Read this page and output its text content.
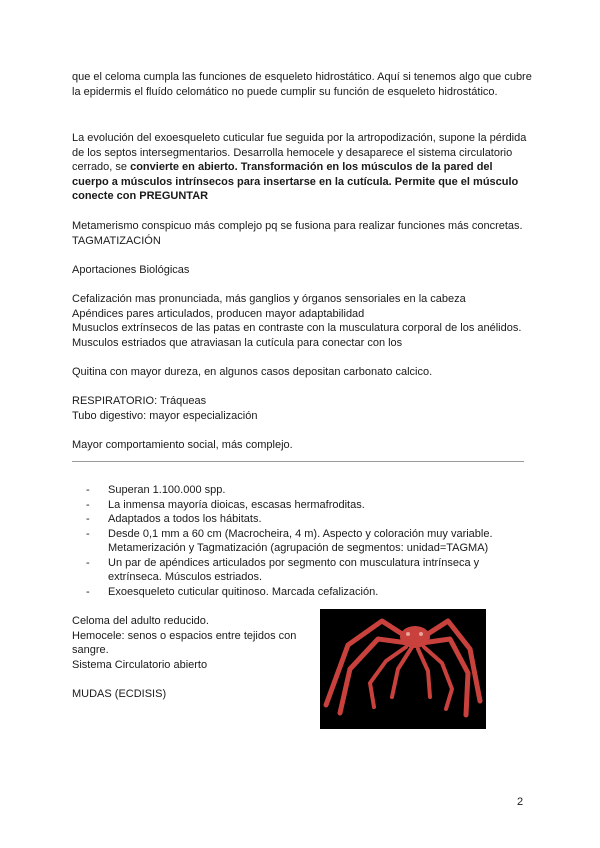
que el celoma cumpla las funciones de esqueleto hidrostático. Aquí si tenemos algo que cubre la epidermis el fluído celomático no puede cumplir su función de esqueleto hidrostático.

La evolución del exoesqueleto cuticular fue seguida por la artropodización, supone la pérdida de los septos intersegmentarios. Desarrolla hemocele y desaparece el sistema circulatorio cerrado, se convierte en abierto. Transformación en los músculos de la pared del cuerpo a músculos intrínsecos para insertarse en la cutícula. Permite que el músculo conecte con PREGUNTAR

Metamerismo conspicuo más complejo pq se fusiona para realizar funciones más concretas.

TAGMATIZACIÓN

Aportaciones Biológicas

Cefalización mas pronunciada, más ganglios y órganos sensoriales en la cabeza

Apéndices pares articulados, producen mayor adaptabilidad

Musuclos extrínsecos de las patas en contraste con la musculatura corporal de los anélidos.

Musculos estriados que atraviasan la cutícula para conectar con los

Quitina con mayor dureza, en algunos casos depositan carbonato calcico.

RESPIRATORIO: Tráqueas

Tubo digestivo: mayor especialización

Mayor comportamiento social, más complejo.

- Superan 1.100.000 spp.
- La inmensa mayoría dioicas, escasas hermafroditas.
- Adaptados a todos los hábitats.
- Desde 0,1 mm a 60 cm (Macrocheira, 4 m). Aspecto y coloración muy variable. Metamerización y Tagmatización (agrupación de segmentos: unidad=TAGMA)
- Un par de apéndices articulados por segmento con musculatura intrínseca y extrínseca. Músculos estriados.
- Exoesqueleto cuticular quitinoso. Marcada cefalización.

Celoma del adulto reducido.

Hemocele: senos o espacios entre tejidos con sangre.

Sistema Circulatorio abierto

MUDAS (ECDISIS)

2
